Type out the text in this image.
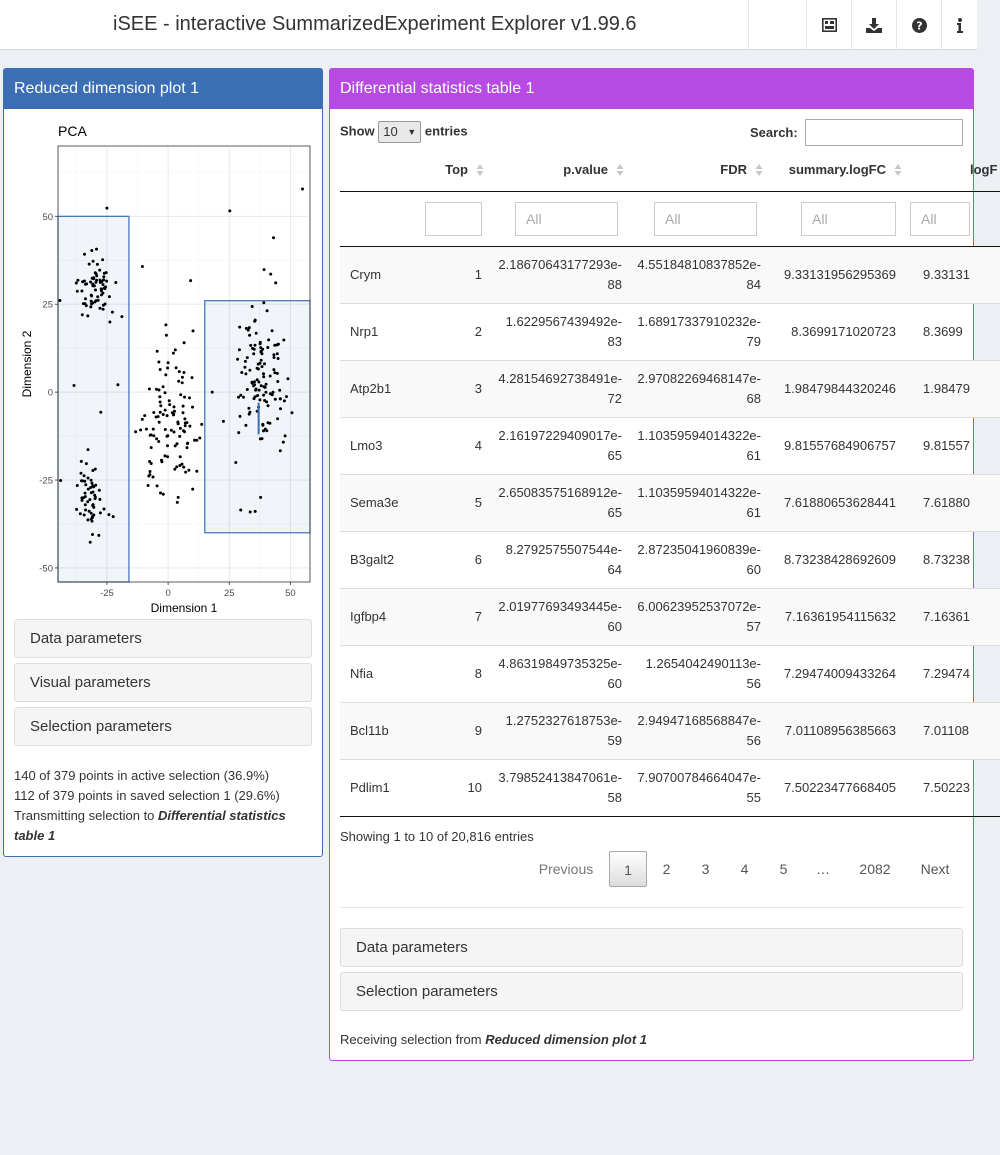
iSEE - interactive SummarizedExperiment Explorer v1.99.6	?
Reduced dimension plot 1
PCA
-25	0	25	50
50
25
0
-25
-50
Dimension 1
Dimension 2
Data parameters
Visual parameters
Selection parameters
140 of 379 points in active selection (36.9%)
112 of 379 points in saved selection 1 (29.6%)
Transmitting selection to Differential statistics table 1
Differential statistics table 1
Show 10 ▼ entries	Search:
	Top	p.value	FDR	summary.logFC	logF
		All	All	All	All
Crym	1	2.18670643177293e-88	4.55184810837852e-84	9.33131956295369	9.33131
Nrp1	2	1.6229567439492e-83	1.68917337910232e-79	8.3699171020723	8.3699
Atp2b1	3	4.28154692738491e-72	2.97082269468147e-68	1.98479844320246	1.98479
Lmo3	4	2.16197229409017e-65	1.10359594014322e-61	9.81557684906757	9.81557
Sema3e	5	2.65083575168912e-65	1.10359594014322e-61	7.61880653628441	7.61880
B3galt2	6	8.2792575507544e-64	2.87235041960839e-60	8.73238428692609	8.73238
Igfbp4	7	2.01977693493445e-60	6.00623952537072e-57	7.16361954115632	7.16361
Nfia	8	4.86319849735325e-60	1.2654042490113e-56	7.29474009433264	7.29474
Bcl11b	9	1.2752327618753e-59	2.94947168568847e-56	7.01108956385663	7.01108
Pdlim1	10	3.79852413847061e-58	7.90700784664047e-55	7.50223477668405	7.50223
Showing 1 to 10 of 20,816 entries
Previous	1	2	3	4	5	…	2082	Next
Data parameters
Selection parameters
Receiving selection from Reduced dimension plot 1
